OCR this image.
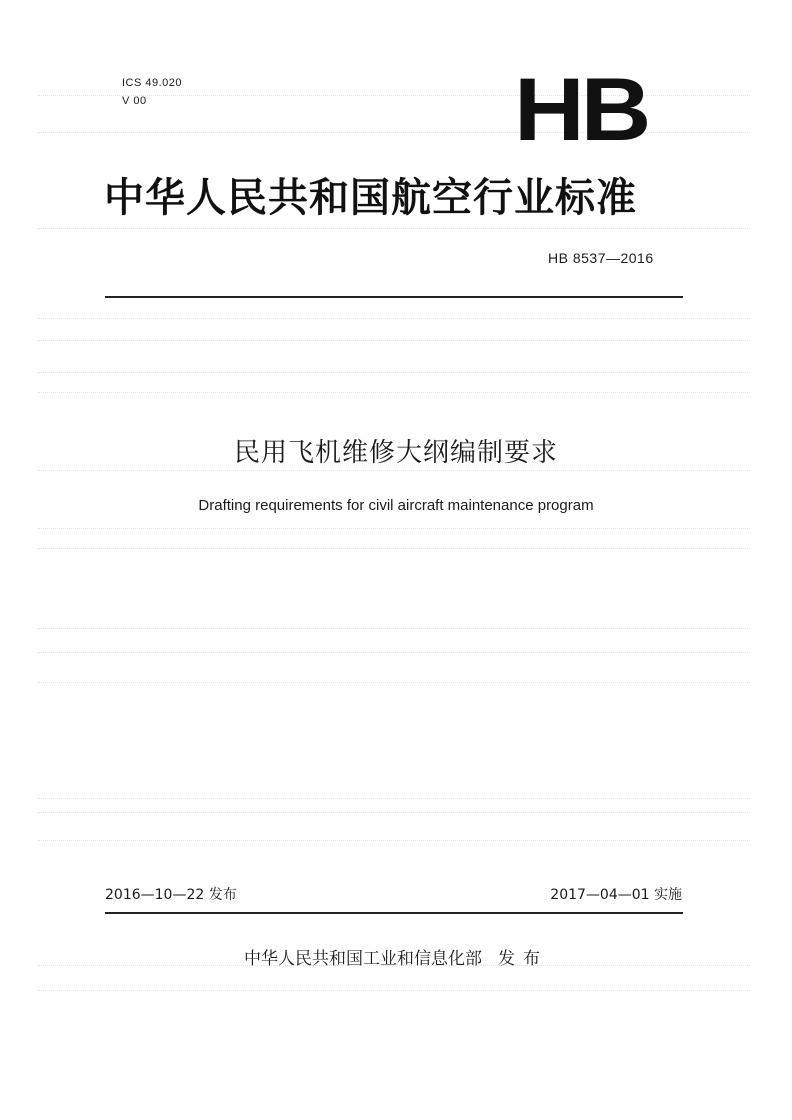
ICS 49.020
V 00	HB
中华人民共和国航空行业标准
HB 8537—2016
民用飞机维修大纲编制要求
Drafting requirements for civil aircraft maintenance program
2016—10—22 发布	2017—04—01 实施
中华人民共和国工业和信息化部 发布
